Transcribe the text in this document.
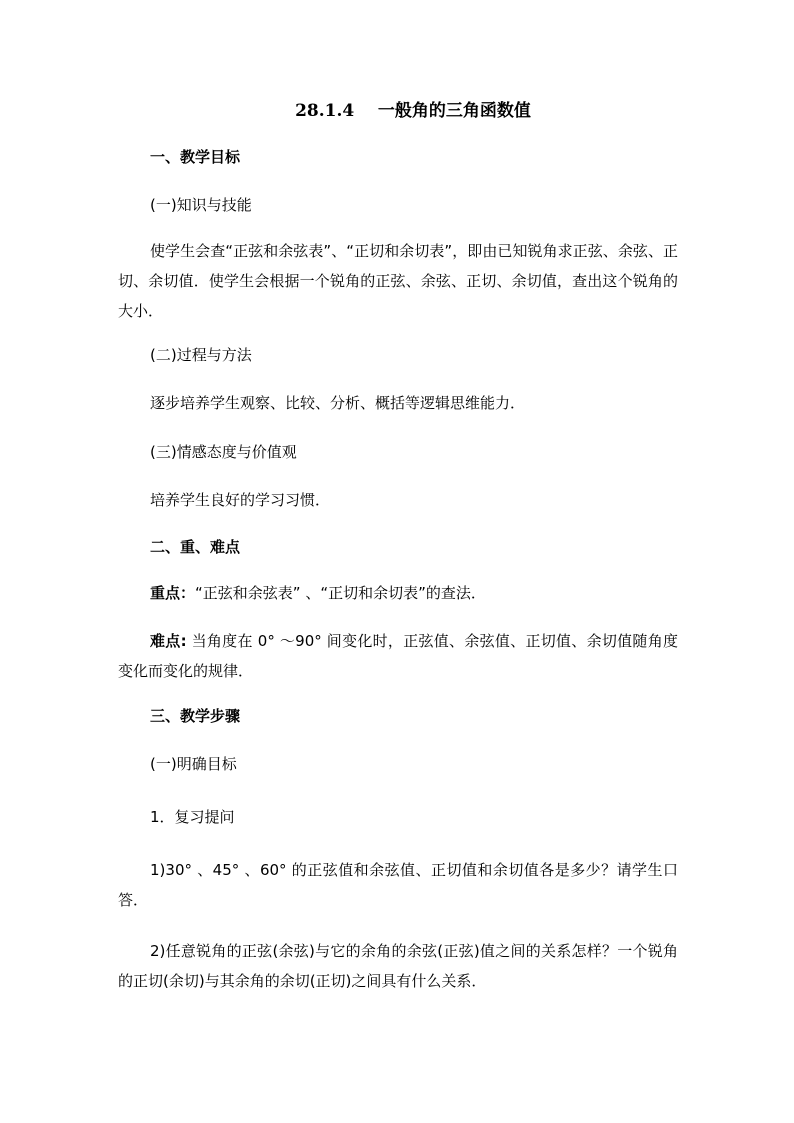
28.1.4    一般角的三角函数值
一、教学目标
(一)知识与技能
使学生会查“正弦和余弦表”、“正切和余切表”，即由已知锐角求正弦、余弦、正切、余切值．使学生会根据一个锐角的正弦、余弦、正切、余切值，查出这个锐角的大小．
(二)过程与方法
逐步培养学生观察、比较、分析、概括等逻辑思维能力．
(三)情感态度与价值观
培养学生良好的学习习惯．
二、重、难点
重点：“正弦和余弦表” 、“正切和余切表”的查法．
难点: 当角度在 0° ～90° 间变化时，正弦值、余弦值、正切值、余切值随角度变化而变化的规律．
三、教学步骤
(一)明确目标
1．复习提问
1)30° 、45° 、60° 的正弦值和余弦值、正切值和余切值各是多少？请学生口答．
2)任意锐角的正弦(余弦)与它的余角的余弦(正弦)值之间的关系怎样？一个锐角的正切(余切)与其余角的余切(正切)之间具有什么关系．
